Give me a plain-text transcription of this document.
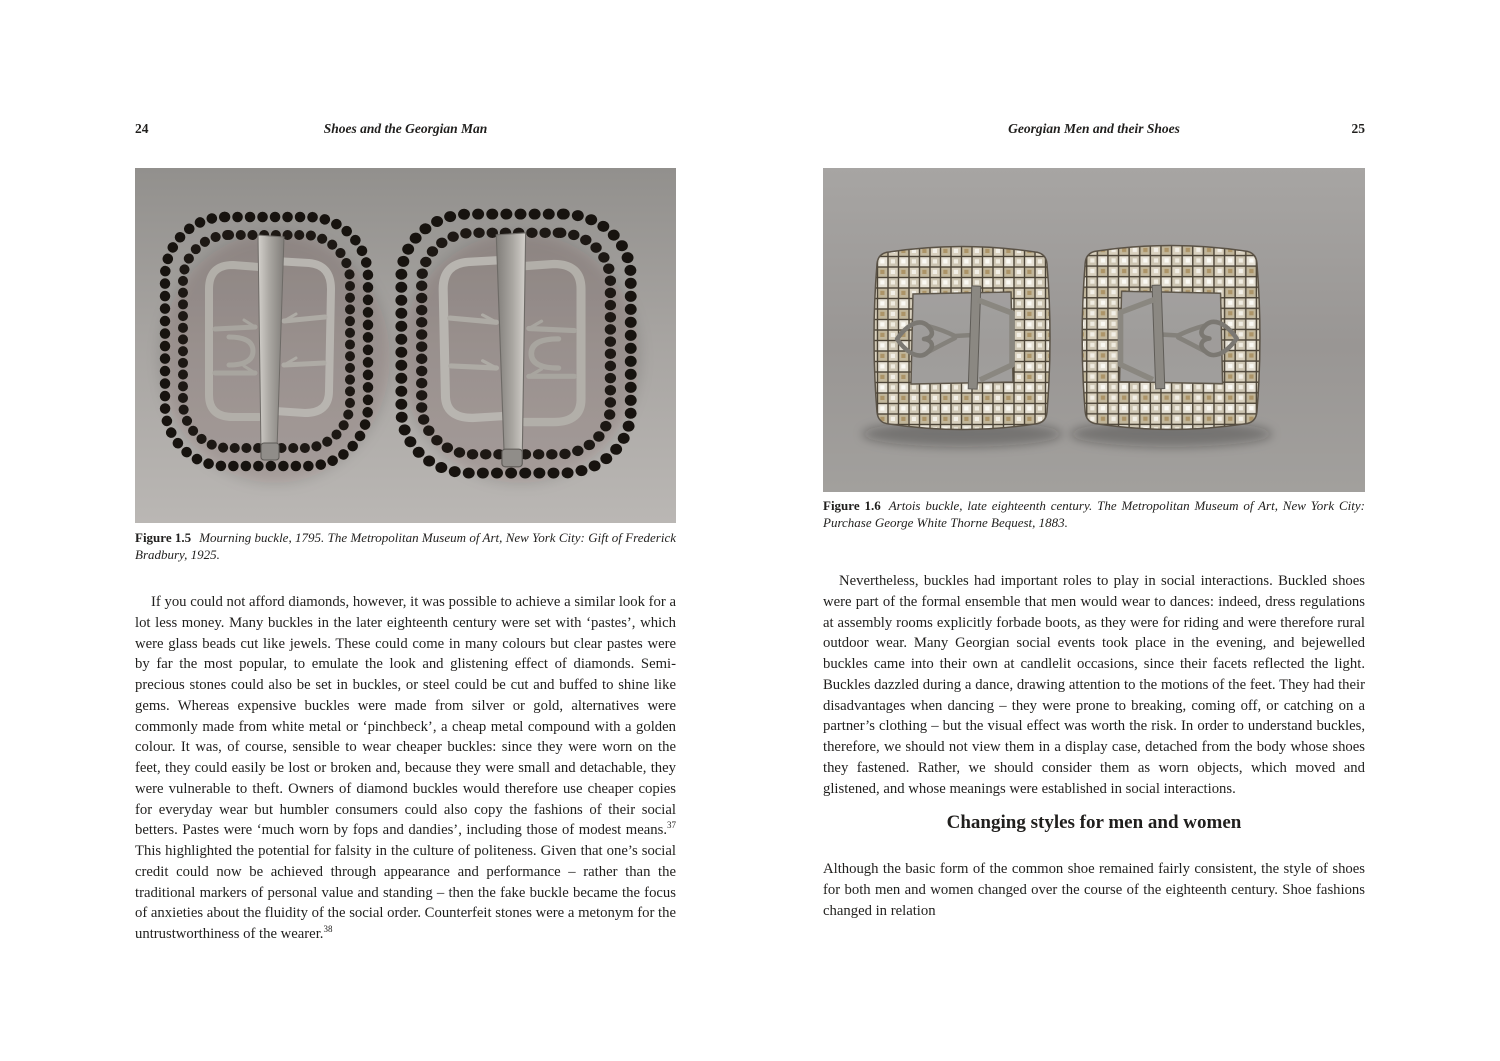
24	Shoes and the Georgian Man
Figure 1.5 Mourning buckle, 1795. The Metropolitan Museum of Art, New York City: Gift of Frederick Bradbury, 1925.

If you could not afford diamonds, however, it was possible to achieve a similar look for a lot less money. Many buckles in the later eighteenth century were set with ‘pastes’, which were glass beads cut like jewels. These could come in many colours but clear pastes were by far the most popular, to emulate the look and glistening effect of diamonds. Semi-precious stones could also be set in buckles, or steel could be cut and buffed to shine like gems. Whereas expensive buckles were made from silver or gold, alternatives were commonly made from white metal or ‘pinchbeck’, a cheap metal compound with a golden colour. It was, of course, sensible to wear cheaper buckles: since they were worn on the feet, they could easily be lost or broken and, because they were small and detachable, they were vulnerable to theft. Owners of diamond buckles would therefore use cheaper copies for everyday wear but humbler consumers could also copy the fashions of their social betters. Pastes were ‘much worn by fops and dandies’, including those of modest means.$^{37}$ This highlighted the potential for falsity in the culture of politeness. Given that one’s social credit could now be achieved through appearance and performance – rather than the traditional markers of personal value and standing – then the fake buckle became the focus of anxieties about the fluidity of the social order. Counterfeit stones were a metonym for the untrustworthiness of the wearer.$^{38}$

Georgian Men and their Shoes	25
Figure 1.6 Artois buckle, late eighteenth century. The Metropolitan Museum of Art, New York City: Purchase George White Thorne Bequest, 1883.

Nevertheless, buckles had important roles to play in social interactions. Buckled shoes were part of the formal ensemble that men would wear to dances: indeed, dress regulations at assembly rooms explicitly forbade boots, as they were for riding and were therefore rural outdoor wear. Many Georgian social events took place in the evening, and bejewelled buckles came into their own at candlelit occasions, since their facets reflected the light. Buckles dazzled during a dance, drawing attention to the motions of the feet. They had their disadvantages when dancing – they were prone to breaking, coming off, or catching on a partner’s clothing – but the visual effect was worth the risk. In order to understand buckles, therefore, we should not view them in a display case, detached from the body whose shoes they fastened. Rather, we should consider them as worn objects, which moved and glistened, and whose meanings were established in social interactions.

Changing styles for men and women

Although the basic form of the common shoe remained fairly consistent, the style of shoes for both men and women changed over the course of the eighteenth century. Shoe fashions changed in relation
